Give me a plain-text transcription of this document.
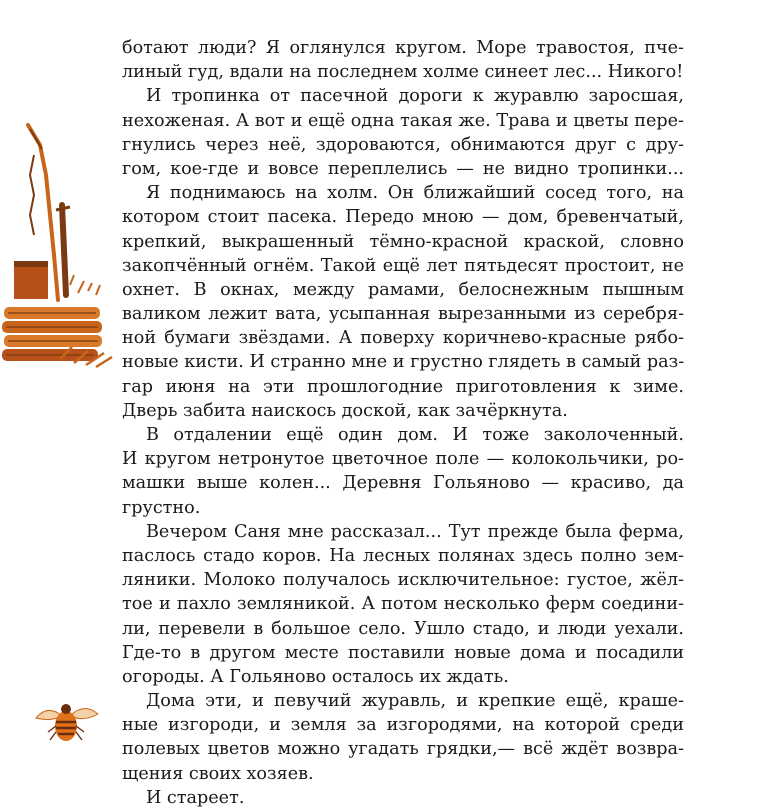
ботают люди? Я оглянулся кругом. Море травостоя, пче-
линый гуд, вдали на последнем холме синеет лес... Никого!
И тропинка от пасечной дороги к журавлю заросшая,
нехоженая. А вот и ещё одна такая же. Трава и цветы пере-
гнулись через неё, здороваются, обнимаются друг с дру-
гом, кое-где и вовсе переплелись — не видно тропинки...
Я поднимаюсь на холм. Он ближайший сосед того, на
котором стоит пасека. Передо мною — дом, бревенчатый,
крепкий, выкрашенный тёмно-красной краской, словно
закопчённый огнём. Такой ещё лет пятьдесят простоит, не
охнет. В окнах, между рамами, белоснежным пышным
валиком лежит вата, усыпанная вырезанными из серебря-
ной бумаги звёздами. А поверху коричнево-красные рябо-
новые кисти. И странно мне и грустно глядеть в самый раз-
гар июня на эти прошлогодние приготовления к зиме.
Дверь забита наискось доской, как зачёркнута.
В отдалении ещё один дом. И тоже заколоченный.
И кругом нетронутое цветочное поле — колокольчики, ро-
машки выше колен... Деревня Гольяново — красиво, да
грустно.
Вечером Саня мне рассказал... Тут прежде была ферма,
паслось стадо коров. На лесных полянах здесь полно зем-
ляники. Молоко получалось исключительное: густое, жёл-
тое и пахло земляникой. А потом несколько ферм соедини-
ли, перевели в большое село. Ушло стадо, и люди уехали.
Где-то в другом месте поставили новые дома и посадили
огороды. А Гольяново осталось их ждать.
Дома эти, и певучий журавль, и крепкие ещё, краше-
ные изгороди, и земля за изгородями, на которой среди
полевых цветов можно угадать грядки,— всё ждёт возвра-
щения своих хозяев.
И стареет.
